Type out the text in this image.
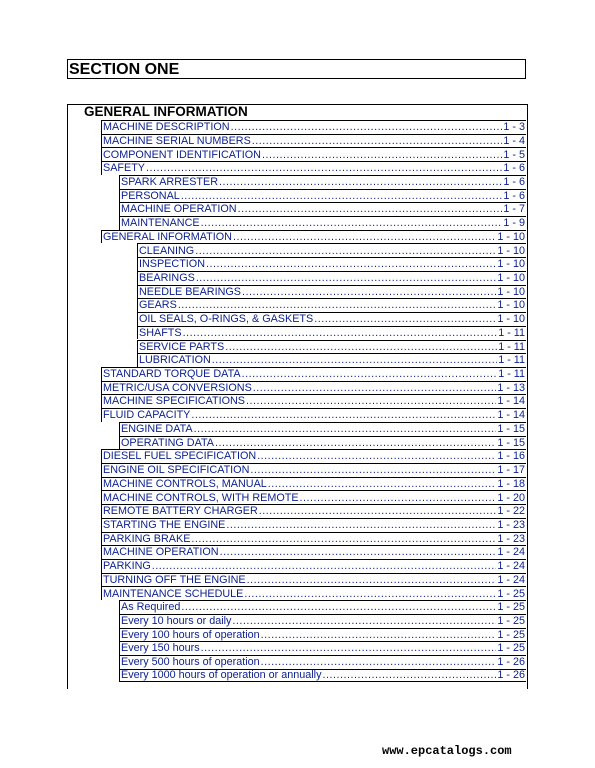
SECTION ONE
GENERAL INFORMATION
MACHINE DESCRIPTION .....	1 - 3
MACHINE SERIAL NUMBERS .....	1 - 4
COMPONENT IDENTIFICATION .....	1 - 5
SAFETY .....	1 - 6
SPARK ARRESTER .....	1 - 6
PERSONAL .....	1 - 6
MACHINE OPERATION .....	1 - 7
MAINTENANCE .....	1 - 9
GENERAL INFORMATION .....	1 - 10
CLEANING .....	1 - 10
INSPECTION .....	1 - 10
BEARINGS .....	1 - 10
NEEDLE BEARINGS .....	1 - 10
GEARS .....	1 - 10
OIL SEALS, O-RINGS, & GASKETS .....	1 - 10
SHAFTS .....	1 - 11
SERVICE PARTS .....	1 - 11
LUBRICATION .....	1 - 11
STANDARD TORQUE DATA .....	1 - 11
METRIC/USA CONVERSIONS .....	1 - 13
MACHINE SPECIFICATIONS .....	1 - 14
FLUID CAPACITY .....	1 - 14
ENGINE DATA .....	1 - 15
OPERATING DATA .....	1 - 15
DIESEL FUEL SPECIFICATION .....	1 - 16
ENGINE OIL SPECIFICATION .....	1 - 17
MACHINE CONTROLS, MANUAL .....	1 - 18
MACHINE CONTROLS, WITH REMOTE .....	1 - 20
REMOTE BATTERY CHARGER .....	1 - 22
STARTING THE ENGINE .....	1 - 23
PARKING BRAKE .....	1 - 23
MACHINE OPERATION .....	1 - 24
PARKING .....	1 - 24
TURNING OFF THE ENGINE .....	1 - 24
MAINTENANCE SCHEDULE .....	1 - 25
As Required .....	1 - 25
Every 10 hours or daily .....	1 - 25
Every 100 hours of operation .....	1 - 25
Every 150 hours .....	1 - 25
Every 500 hours of operation .....	1 - 26
Every 1000 hours of operation or annually .....	1 - 26
www.epcatalogs.com
